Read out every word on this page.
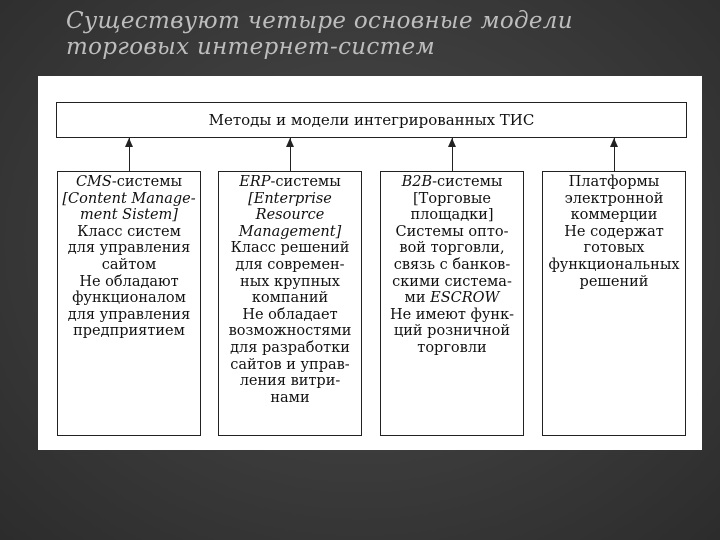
Существуют четыре основные модели
торговых интернет-систем
Методы и модели интегрированных ТИС
CMS-системы
[Content Manage-
ment Sistem]
Класс систем
для управления
сайтом
Не обладают
функционалом
для управления
предприятием
ERP-системы
[Enterprise
Resource
Management]
Класс решений
для современ-
ных крупных
компаний
Не обладает
возможностями
для разработки
сайтов и управ-
ления витри-
нами
B2B-системы
[Торговые
площадки]
Системы опто-
вой торговли,
связь с банков-
скими система-
ми ESCROW
Не имеют функ-
ций розничной
торговли
Платформы
электронной
коммерции
Не содержат
готовых
функциональных
решений
